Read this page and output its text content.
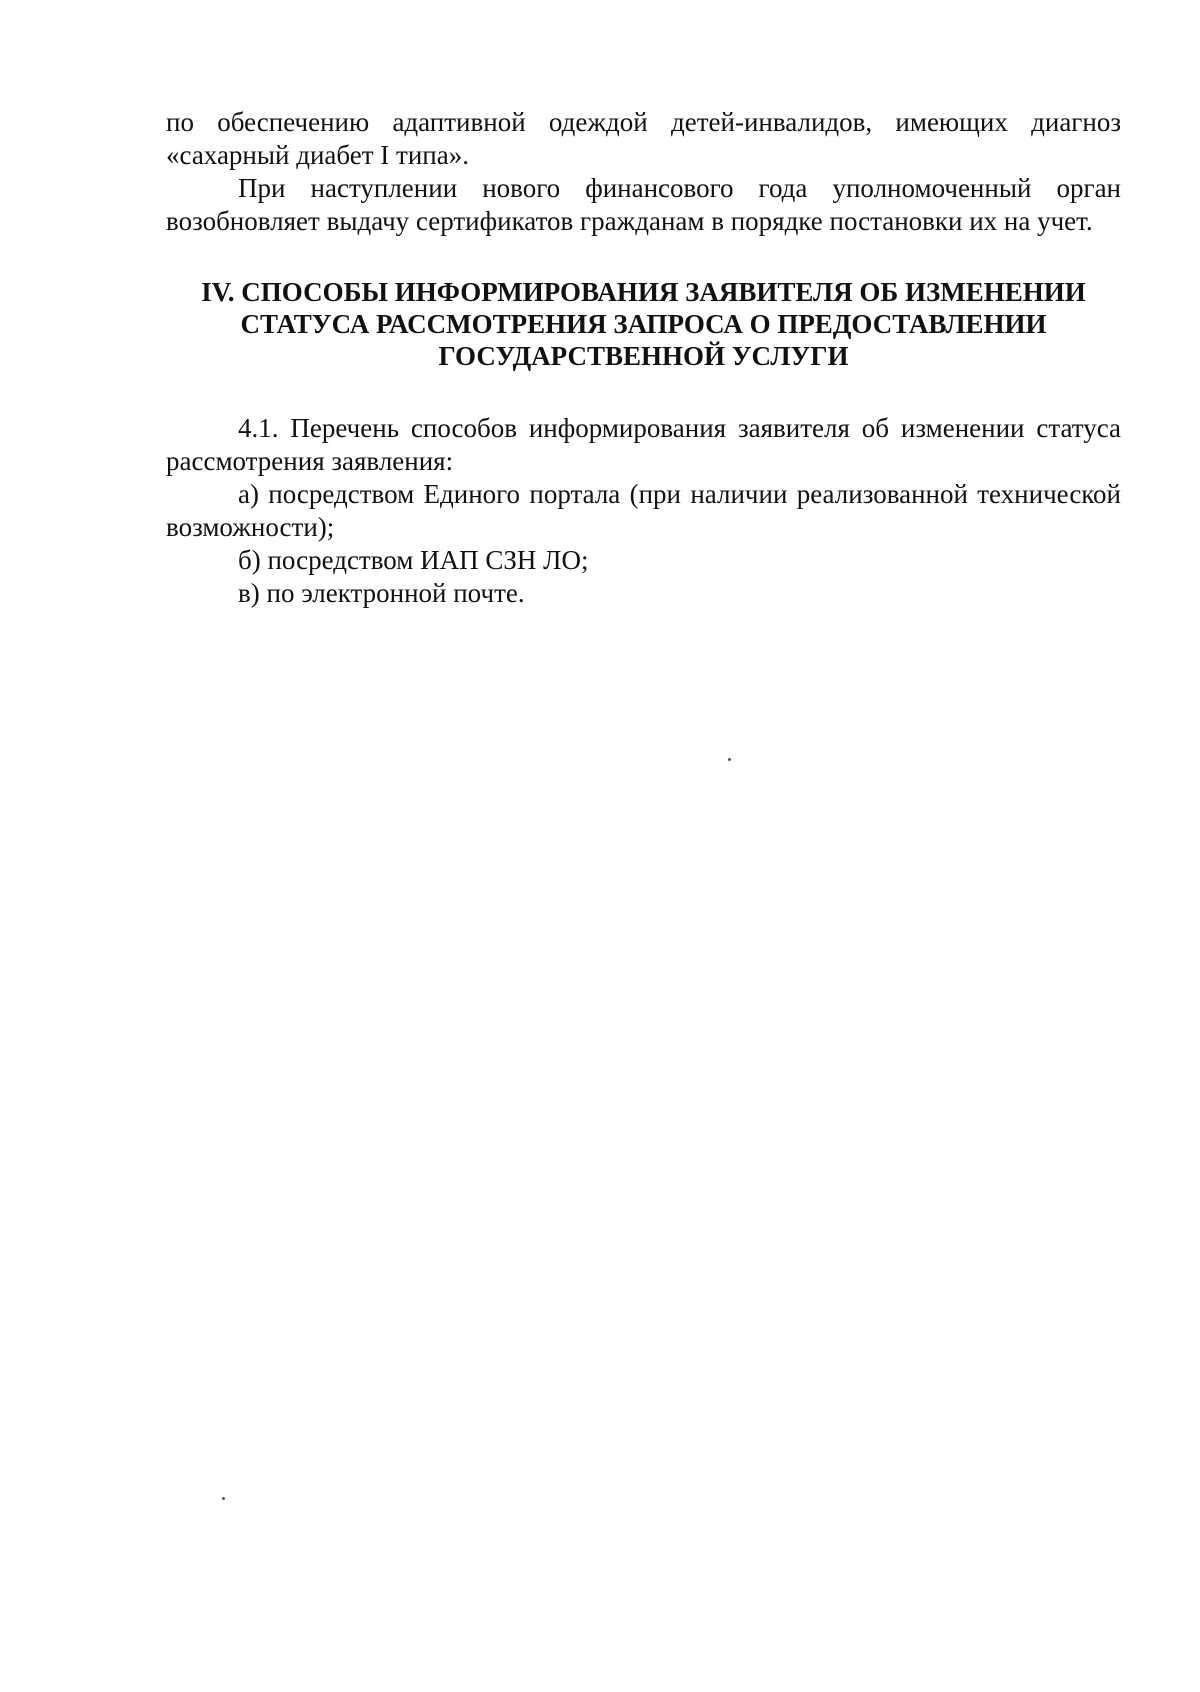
по обеспечению адаптивной одеждой детей-инвалидов, имеющих диагноз «сахарный диабет I типа».

При наступлении нового финансового года уполномоченный орган возобновляет выдачу сертификатов гражданам в порядке постановки их на учет.

IV. СПОСОБЫ ИНФОРМИРОВАНИЯ ЗАЯВИТЕЛЯ ОБ ИЗМЕНЕНИИ
СТАТУСА РАССМОТРЕНИЯ ЗАПРОСА О ПРЕДОСТАВЛЕНИИ
ГОСУДАРСТВЕННОЙ УСЛУГИ

4.1. Перечень способов информирования заявителя об изменении статуса рассмотрения заявления:

а) посредством Единого портала (при наличии реализованной технической возможности);

б) посредством ИАП СЗН ЛО;

в) по электронной почте.
